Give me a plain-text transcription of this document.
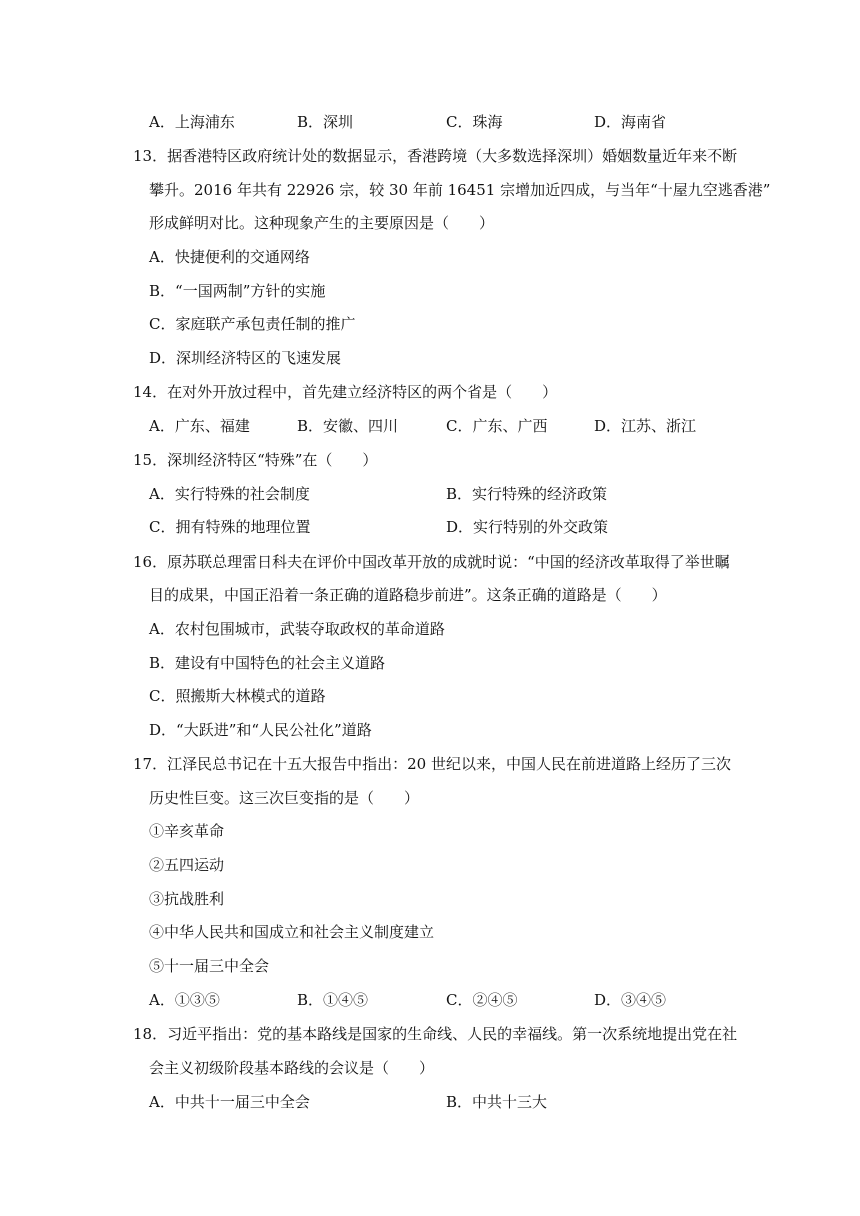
A．上海浦东	B．深圳	C．珠海	D．海南省
13．据香港特区政府统计处的数据显示，香港跨境（大多数选择深圳）婚姻数量近年来不断
攀升。2016 年共有 22926 宗，较 30 年前 16451 宗增加近四成，与当年“十屋九空逃香港”
形成鲜明对比。这种现象产生的主要原因是（　　）
A．快捷便利的交通网络
B．“一国两制”方针的实施
C．家庭联产承包责任制的推广
D．深圳经济特区的飞速发展
14．在对外开放过程中，首先建立经济特区的两个省是（　　）
A．广东、福建	B．安徽、四川	C．广东、广西	D．江苏、浙江
15．深圳经济特区“特殊”在（　　）
A．实行特殊的社会制度	B．实行特殊的经济政策
C．拥有特殊的地理位置	D．实行特别的外交政策
16．原苏联总理雷日科夫在评价中国改革开放的成就时说：“中国的经济改革取得了举世瞩
目的成果，中国正沿着一条正确的道路稳步前进”。这条正确的道路是（　　）
A．农村包围城市，武装夺取政权的革命道路
B．建设有中国特色的社会主义道路
C．照搬斯大林模式的道路
D．“大跃进”和“人民公社化”道路
17．江泽民总书记在十五大报告中指出：20 世纪以来，中国人民在前进道路上经历了三次
历史性巨变。这三次巨变指的是（　　）
①辛亥革命
②五四运动
③抗战胜利
④中华人民共和国成立和社会主义制度建立
⑤十一届三中全会
A．①③⑤	B．①④⑤	C．②④⑤	D．③④⑤
18．习近平指出：党的基本路线是国家的生命线、人民的幸福线。第一次系统地提出党在社
会主义初级阶段基本路线的会议是（　　）
A．中共十一届三中全会	B．中共十三大
